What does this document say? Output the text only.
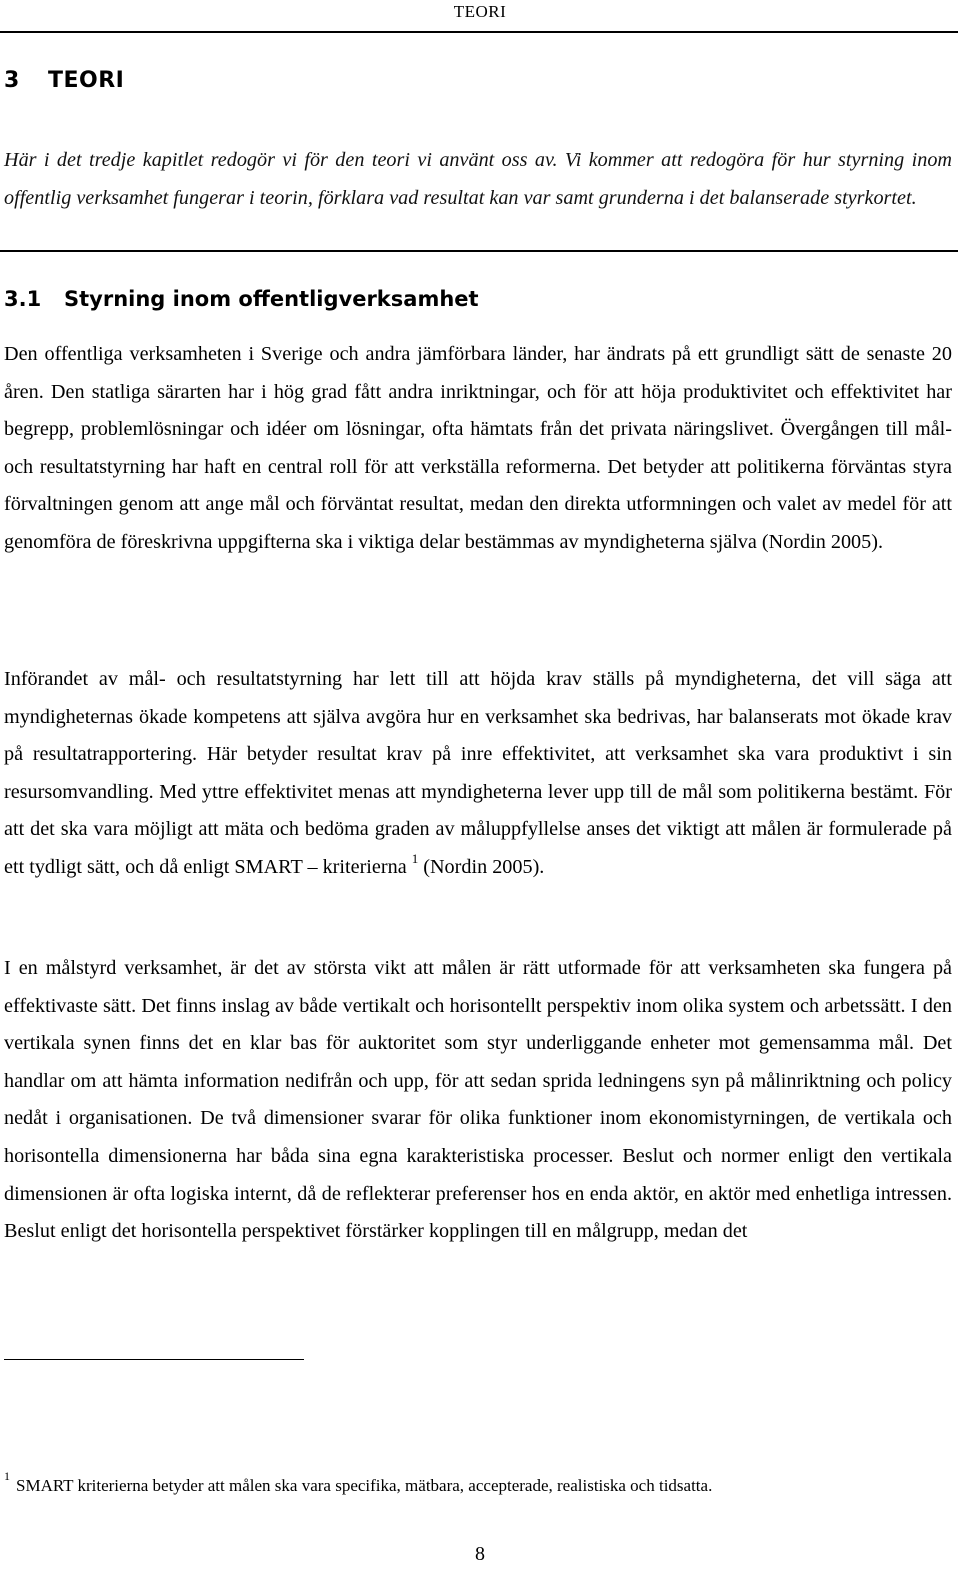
TEORI
3 TEORI
Här i det tredje kapitlet redogör vi för den teori vi använt oss av. Vi kommer att redogöra för hur styrning inom offentlig verksamhet fungerar i teorin, förklara vad resultat kan var samt grunderna i det balanserade styrkortet.
3.1 Styrning inom offentligverksamhet
Den offentliga verksamheten i Sverige och andra jämförbara länder, har ändrats på ett grundligt sätt de senaste 20 åren. Den statliga särarten har i hög grad fått andra inriktningar, och för att höja produktivitet och effektivitet har begrepp, problemlösningar och idéer om lösningar, ofta hämtats från det privata näringslivet. Övergången till mål- och resultatstyrning har haft en central roll för att verkställa reformerna. Det betyder att politikerna förväntas styra förvaltningen genom att ange mål och förväntat resultat, medan den direkta utformningen och valet av medel för att genomföra de föreskrivna uppgifterna ska i viktiga delar bestämmas av myndigheterna själva (Nordin 2005).
Införandet av mål- och resultatstyrning har lett till att höjda krav ställs på myndigheterna, det vill säga att myndigheternas ökade kompetens att själva avgöra hur en verksamhet ska bedrivas, har balanserats mot ökade krav på resultatrapportering. Här betyder resultat krav på inre effektivitet, att verksamhet ska vara produktivt i sin resursomvandling. Med yttre effektivitet menas att myndigheterna lever upp till de mål som politikerna bestämt. För att det ska vara möjligt att mäta och bedöma graden av måluppfyllelse anses det viktigt att målen är formulerade på ett tydligt sätt, och då enligt SMART – kriterierna $^1$ (Nordin 2005).
I en målstyrd verksamhet, är det av största vikt att målen är rätt utformade för att verksamheten ska fungera på effektivaste sätt. Det finns inslag av både vertikalt och horisontellt perspektiv inom olika system och arbetssätt. I den vertikala synen finns det en klar bas för auktoritet som styr underliggande enheter mot gemensamma mål. Det handlar om att hämta information nedifrån och upp, för att sedan sprida ledningens syn på målinriktning och policy nedåt i organisationen. De två dimensioner svarar för olika funktioner inom ekonomistyrningen, de vertikala och horisontella dimensionerna har båda sina egna karakteristiska processer. Beslut och normer enligt den vertikala dimensionen är ofta logiska internt, då de reflekterar preferenser hos en enda aktör, en aktör med enhetliga intressen. Beslut enligt det horisontella perspektivet förstärker kopplingen till en målgrupp, medan det
$^1$ SMART kriterierna betyder att målen ska vara specifika, mätbara, accepterade, realistiska och tidsatta.
8
